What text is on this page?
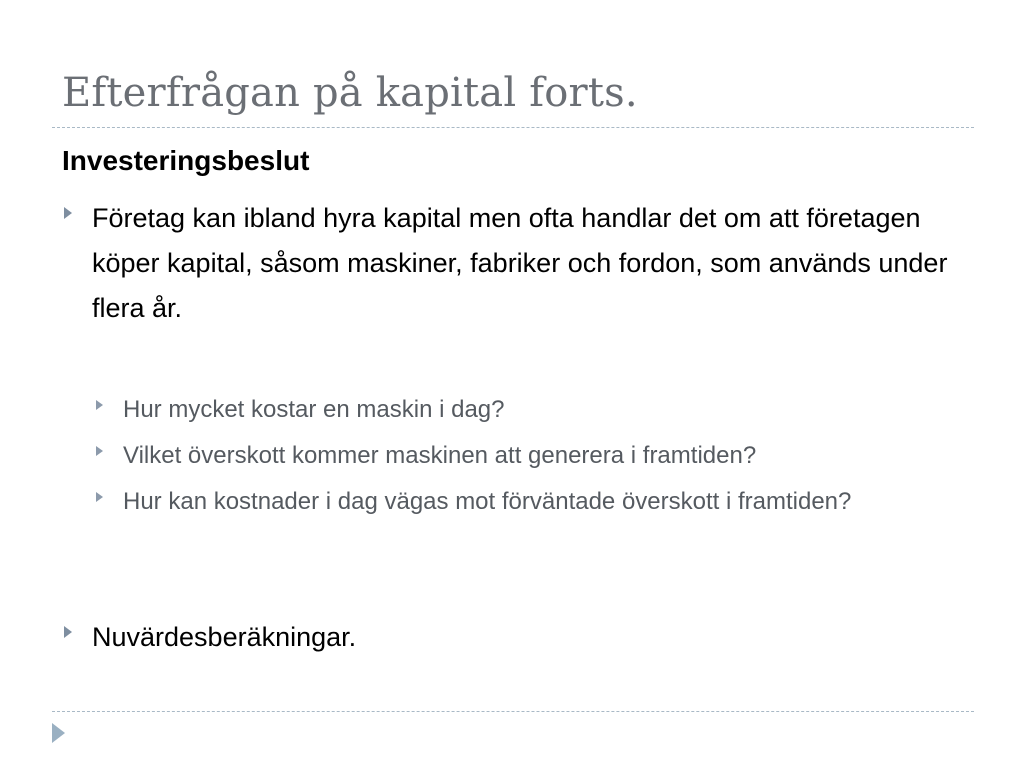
Efterfrågan på kapital forts.
Investeringsbeslut
Företag kan ibland hyra kapital men ofta handlar det om att företagen köper kapital, såsom maskiner, fabriker och fordon, som används under flera år.
Hur mycket kostar en maskin i dag?
Vilket överskott kommer maskinen att generera i framtiden?
Hur kan kostnader i dag vägas mot förväntade överskott i framtiden?
Nuvärdesberäkningar.
